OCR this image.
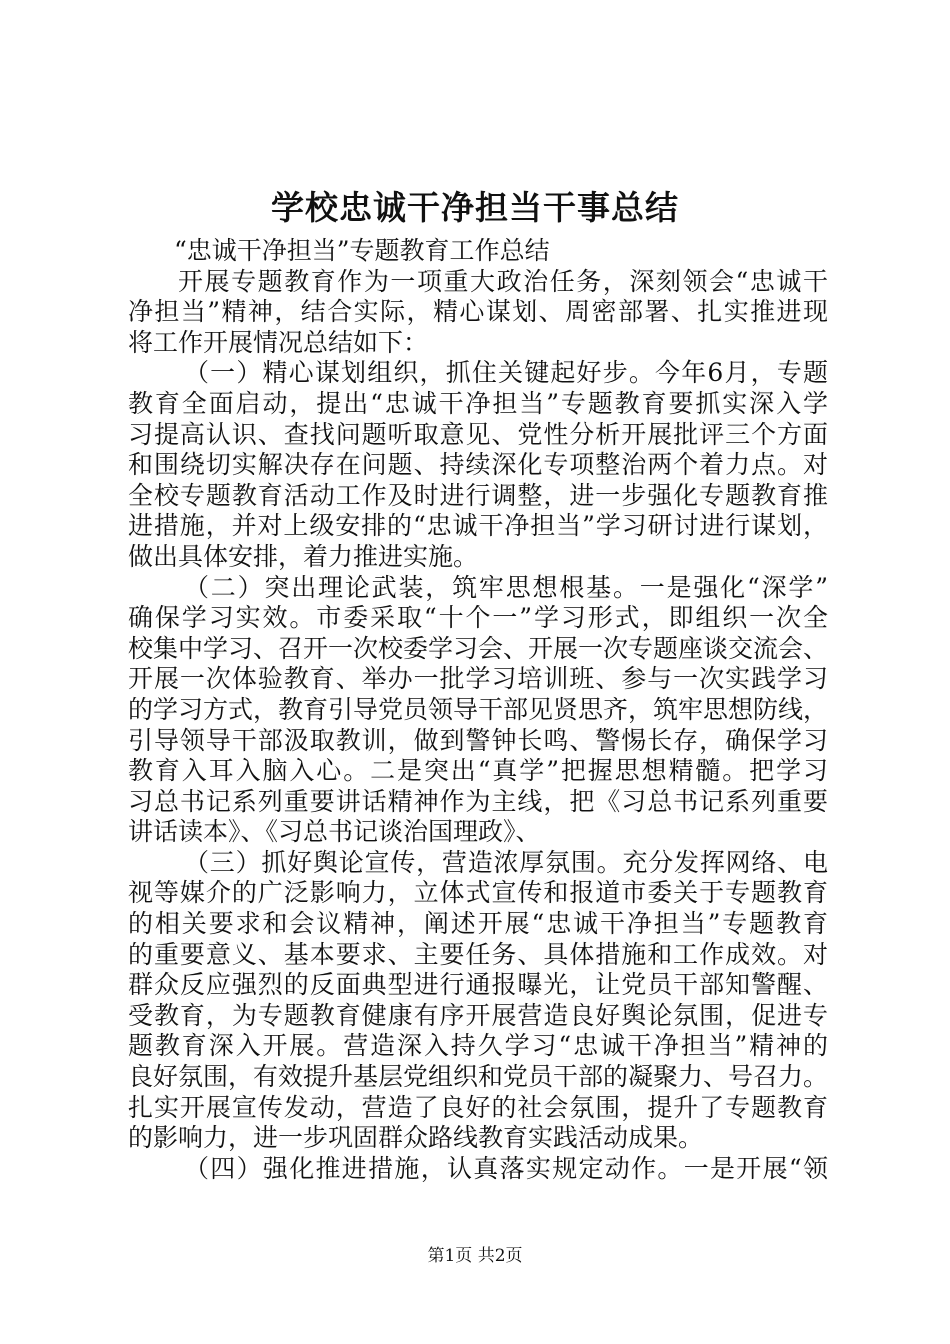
学校忠诚干净担当干事总结
“忠诚干净担当”专题教育工作总结
开展专题教育作为一项重大政治任务，深刻领会“忠诚干
净担当”精神，结合实际，精心谋划、周密部署、扎实推进现
将工作开展情况总结如下：
（一）精心谋划组织，抓住关键起好步。今年6月，专题
教育全面启动，提出“忠诚干净担当”专题教育要抓实深入学
习提高认识、查找问题听取意见、党性分析开展批评三个方面
和围绕切实解决存在问题、持续深化专项整治两个着力点。对
全校专题教育活动工作及时进行调整，进一步强化专题教育推
进措施，并对上级安排的“忠诚干净担当”学习研讨进行谋划，
做出具体安排，着力推进实施。
（二）突出理论武装，筑牢思想根基。一是强化“深学”
确保学习实效。市委采取“十个一”学习形式，即组织一次全
校集中学习、召开一次校委学习会、开展一次专题座谈交流会、
开展一次体验教育、举办一批学习培训班、参与一次实践学习
的学习方式，教育引导党员领导干部见贤思齐，筑牢思想防线，
引导领导干部汲取教训，做到警钟长鸣、警惕长存，确保学习
教育入耳入脑入心。二是突出“真学”把握思想精髓。把学习
习总书记系列重要讲话精神作为主线，把《习总书记系列重要
讲话读本》、《习总书记谈治国理政》、
（三）抓好舆论宣传，营造浓厚氛围。充分发挥网络、电
视等媒介的广泛影响力，立体式宣传和报道市委关于专题教育
的相关要求和会议精神，阐述开展“忠诚干净担当”专题教育
的重要意义、基本要求、主要任务、具体措施和工作成效。对
群众反应强烈的反面典型进行通报曝光，让党员干部知警醒、
受教育，为专题教育健康有序开展营造良好舆论氛围，促进专
题教育深入开展。营造深入持久学习“忠诚干净担当”精神的
良好氛围，有效提升基层党组织和党员干部的凝聚力、号召力。
扎实开展宣传发动，营造了良好的社会氛围，提升了专题教育
的影响力，进一步巩固群众路线教育实践活动成果。
（四）强化推进措施，认真落实规定动作。一是开展“领
第1页 共2页
